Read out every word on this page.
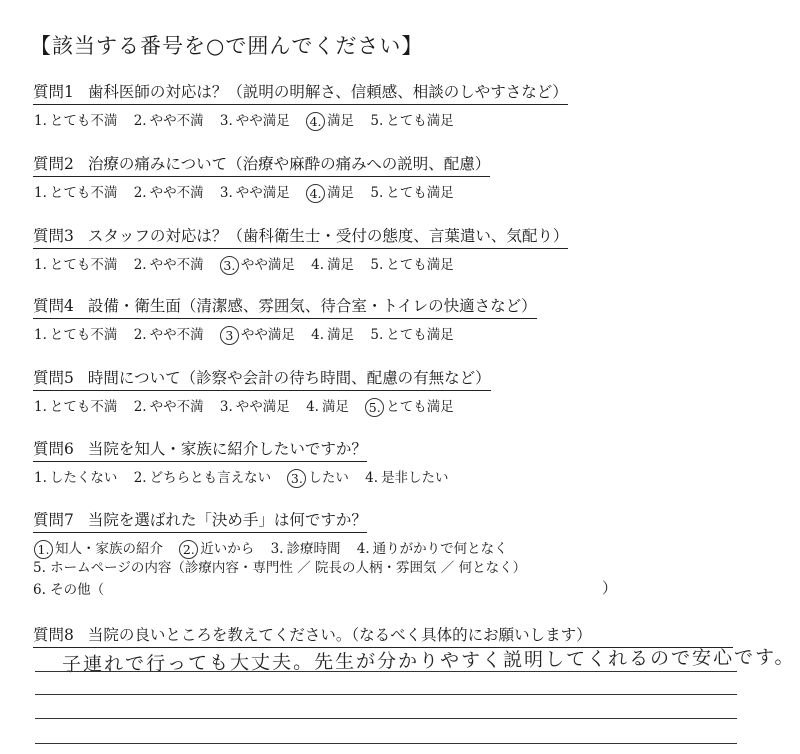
【該当する番号を○で囲んでください】
質問1 歯科医師の対応は？（説明の明解さ、信頼感、相談のしやすさなど）
1. とても不満 2. やや不満 3. やや満足 4. 満足 5. とても満足
質問2 治療の痛みについて（治療や麻酔の痛みへの説明、配慮）
1. とても不満 2. やや不満 3. やや満足 4. 満足 5. とても満足
質問3 スタッフの対応は？（歯科衛生士・受付の態度、言葉遣い、気配り）
1. とても不満 2. やや不満 3. やや満足 4. 満足 5. とても満足
質問4 設備・衛生面（清潔感、雰囲気、待合室・トイレの快適さなど）
1. とても不満 2. やや不満 3 やや満足 4. 満足 5. とても満足
質問5 時間について（診察や会計の待ち時間、配慮の有無など）
1. とても不満 2. やや不満 3. やや満足 4. 満足 5. とても満足
質問6 当院を知人・家族に紹介したいですか？
1. したくない 2. どちらとも言えない 3. したい 4. 是非したい
質問7 当院を選ばれた「決め手」は何ですか？
1. 知人・家族の紹介 2. 近いから 3. 診療時間 4. 通りがかりで何となく
5. ホームページの内容（診療内容・専門性 ／ 院長の人柄・雰囲気 ／ 何となく）
6. その他（	）
質問8 当院の良いところを教えてください。（なるべく具体的にお願いします）
子連れで行っても大丈夫。先生が分かりやすく説明してくれるので安心です。
